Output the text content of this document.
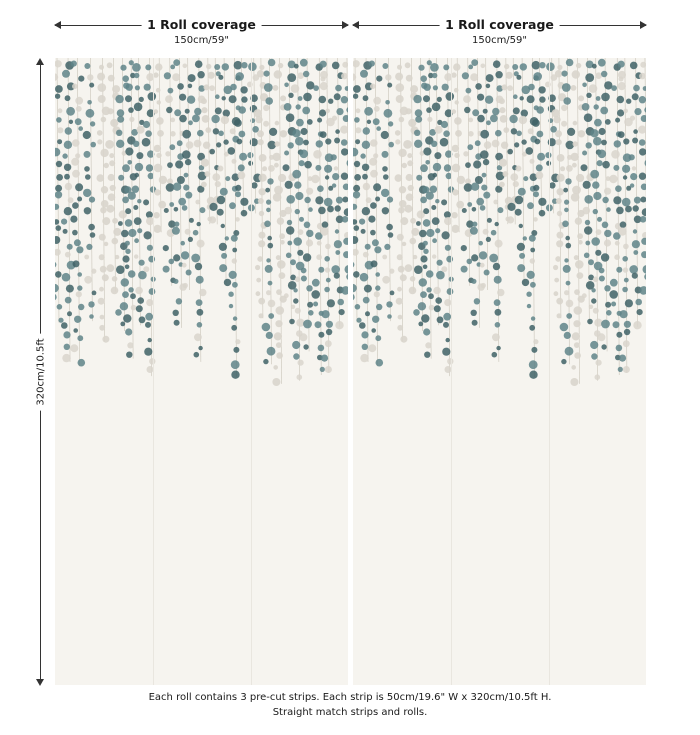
1 Roll coverage
150cm/59"
1 Roll coverage
150cm/59"
320cm/10.5ft
Each roll contains 3 pre-cut strips. Each strip is 50cm/19.6" W x 320cm/10.5ft H.
Straight match strips and rolls.
